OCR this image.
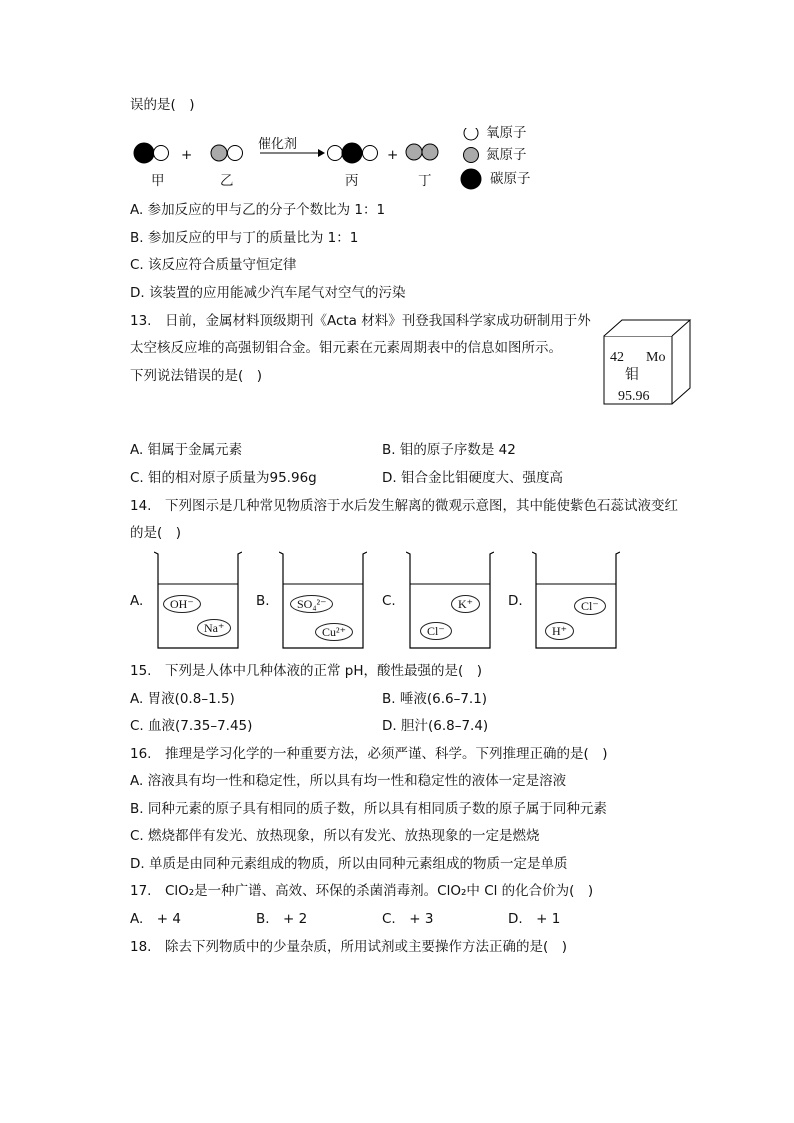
误的是(　)
+	+
催化剂
甲	乙	丙	丁
氧原子
氮原子
碳原子
A. 参加反应的甲与乙的分子个数比为 1：1
B. 参加反应的甲与丁的质量比为 1：1
C. 该反应符合质量守恒定律
D. 该装置的应用能减少汽车尾气对空气的污染
13.　日前，金属材料顶级期刊《Acta 材料》刊登我国科学家成功研制用于外
太空核反应堆的高强韧钼合金。钼元素在元素周期表中的信息如图所示。
下列说法错误的是(　)
42 Mo
钼
95.96
A. 钼属于金属元素	B. 钼的原子序数是 42
C. 钼的相对原子质量为95.96g	D. 钼合金比钼硬度大、强度高
14.　下列图示是几种常见物质溶于水后发生解离的微观示意图，其中能使紫色石蕊试液变红
的是(　)
A.	OH⁻
Na⁺
B.	SO₄²⁻
Cu²⁺
C.	K⁺
Cl⁻
D.	Cl⁻
H⁺
15.　下列是人体中几种体液的正常 pH，酸性最强的是(　)
A. 胃液(0.8–1.5)	B. 唾液(6.6–7.1)
C. 血液(7.35–7.45)	D. 胆汁(6.8–7.4)
16.　推理是学习化学的一种重要方法，必须严谨、科学。下列推理正确的是(　)
A. 溶液具有均一性和稳定性，所以具有均一性和稳定性的液体一定是溶液
B. 同种元素的原子具有相同的质子数，所以具有相同质子数的原子属于同种元素
C. 燃烧都伴有发光、放热现象，所以有发光、放热现象的一定是燃烧
D. 单质是由同种元素组成的物质，所以由同种元素组成的物质一定是单质
17.　ClO₂是一种广谱、高效、环保的杀菌消毒剂。ClO₂中 Cl 的化合价为(　)
A.　+ 4	B.　+ 2	C.　+ 3	D.　+ 1
18.　除去下列物质中的少量杂质，所用试剂或主要操作方法正确的是(　)
